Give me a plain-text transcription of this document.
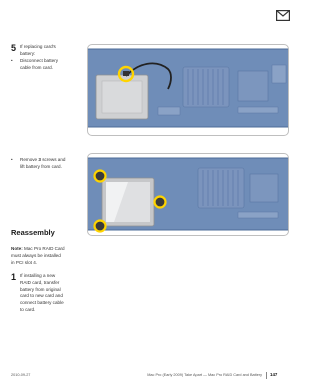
5 If replacing card's
battery:
• Disconnect battery
cable from card.
• Remove 3 screws and
lift battery from card.
Reassembly
Note: Mac Pro RAID Card
must always be installed
in PCI slot 4.
1 If installing a new
RAID card, transfer
battery from original
card to new card and
connect battery cable
to card.
2010-09-27	Mac Pro (Early 2009) Take Apart — Mac Pro RAID Card and Battery 147
